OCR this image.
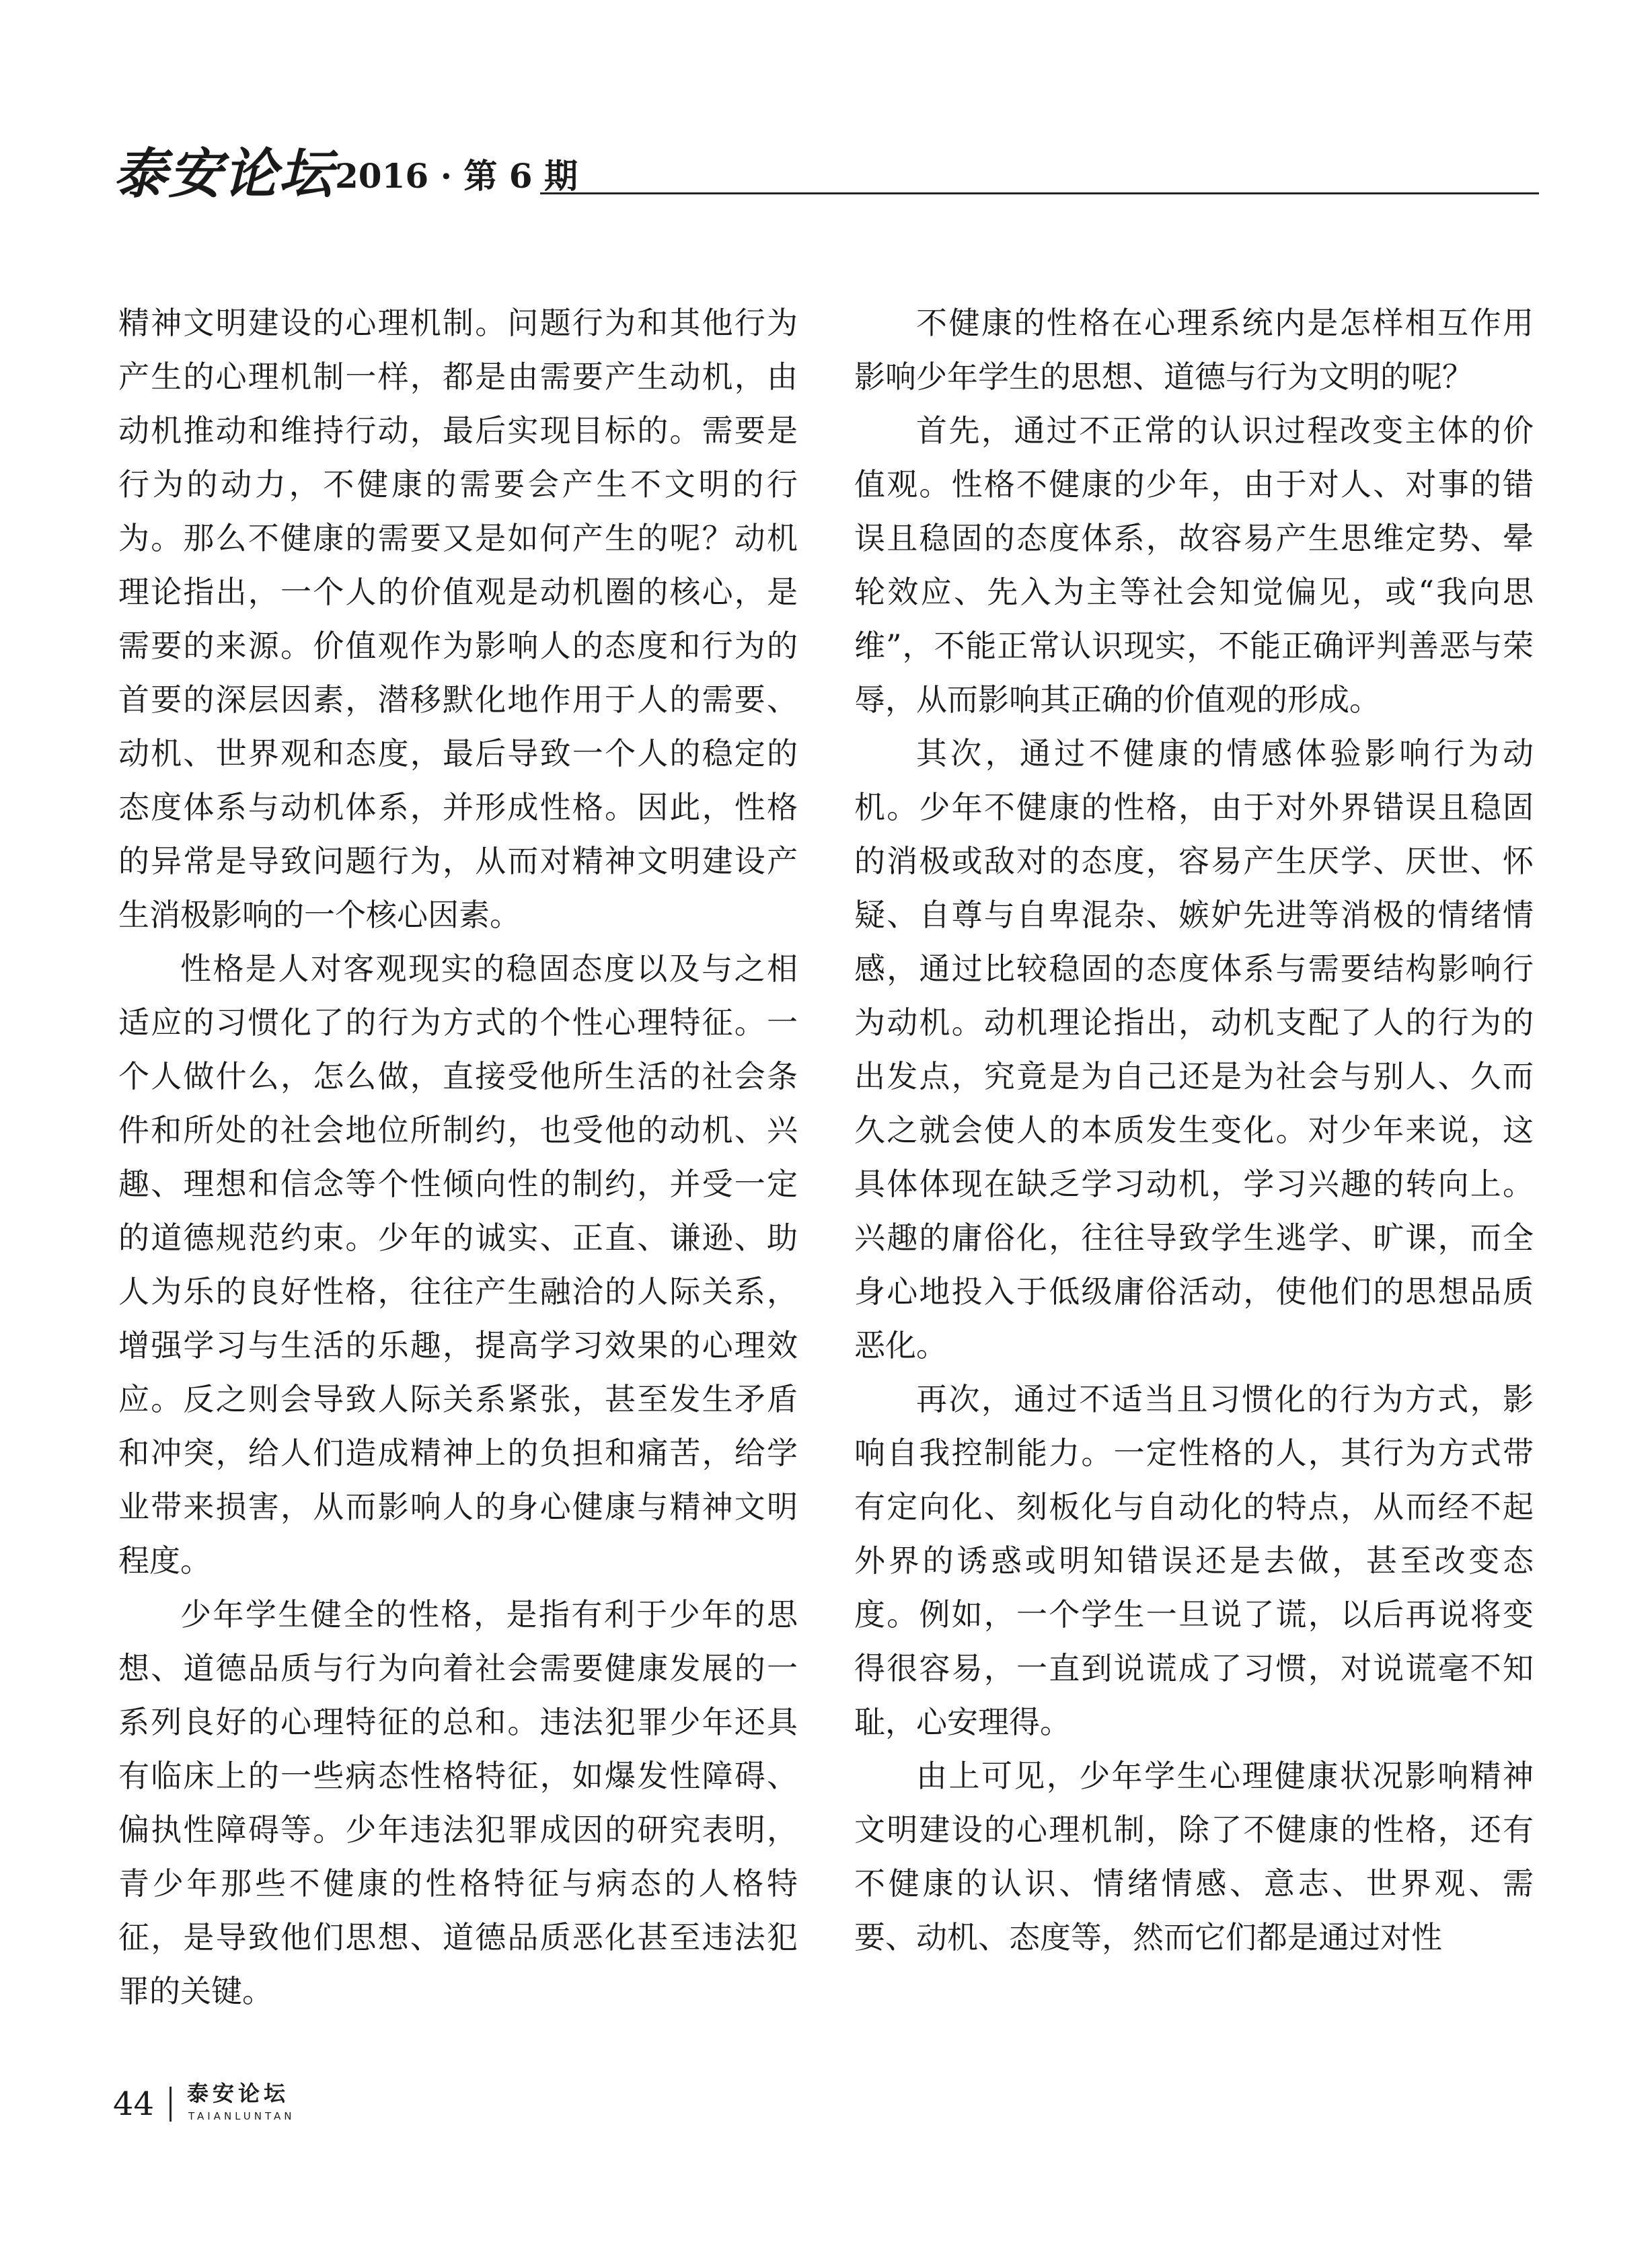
泰安论坛 2016 · 第 6 期

精神文明建设的心理机制。问题行为和其他行为产生的心理机制一样，都是由需要产生动机，由动机推动和维持行动，最后实现目标的。需要是行为的动力，不健康的需要会产生不文明的行为。那么不健康的需要又是如何产生的呢？动机理论指出，一个人的价值观是动机圈的核心，是需要的来源。价值观作为影响人的态度和行为的首要的深层因素，潜移默化地作用于人的需要、动机、世界观和态度，最后导致一个人的稳定的态度体系与动机体系，并形成性格。因此，性格的异常是导致问题行为，从而对精神文明建设产生消极影响的一个核心因素。

性格是人对客观现实的稳固态度以及与之相适应的习惯化了的行为方式的个性心理特征。一个人做什么，怎么做，直接受他所生活的社会条件和所处的社会地位所制约，也受他的动机、兴趣、理想和信念等个性倾向性的制约，并受一定的道德规范约束。少年的诚实、正直、谦逊、助人为乐的良好性格，往往产生融洽的人际关系，增强学习与生活的乐趣，提高学习效果的心理效应。反之则会导致人际关系紧张，甚至发生矛盾和冲突，给人们造成精神上的负担和痛苦，给学业带来损害，从而影响人的身心健康与精神文明程度。

少年学生健全的性格，是指有利于少年的思想、道德品质与行为向着社会需要健康发展的一系列良好的心理特征的总和。违法犯罪少年还具有临床上的一些病态性格特征，如爆发性障碍、偏执性障碍等。少年违法犯罪成因的研究表明，青少年那些不健康的性格特征与病态的人格特征，是导致他们思想、道德品质恶化甚至违法犯罪的关键。

不健康的性格在心理系统内是怎样相互作用影响少年学生的思想、道德与行为文明的呢？

首先，通过不正常的认识过程改变主体的价值观。性格不健康的少年，由于对人、对事的错误且稳固的态度体系，故容易产生思维定势、晕轮效应、先入为主等社会知觉偏见，或“我向思维”，不能正常认识现实，不能正确评判善恶与荣辱，从而影响其正确的价值观的形成。

其次，通过不健康的情感体验影响行为动机。少年不健康的性格，由于对外界错误且稳固的消极或敌对的态度，容易产生厌学、厌世、怀疑、自尊与自卑混杂、嫉妒先进等消极的情绪情感，通过比较稳固的态度体系与需要结构影响行为动机。动机理论指出，动机支配了人的行为的出发点，究竟是为自己还是为社会与别人、久而久之就会使人的本质发生变化。对少年来说，这具体体现在缺乏学习动机，学习兴趣的转向上。兴趣的庸俗化，往往导致学生逃学、旷课，而全身心地投入于低级庸俗活动，使他们的思想品质恶化。

再次，通过不适当且习惯化的行为方式，影响自我控制能力。一定性格的人，其行为方式带有定向化、刻板化与自动化的特点，从而经不起外界的诱惑或明知错误还是去做，甚至改变态度。例如，一个学生一旦说了谎，以后再说将变得很容易，一直到说谎成了习惯，对说谎毫不知耻，心安理得。

由上可见，少年学生心理健康状况影响精神文明建设的心理机制，除了不健康的性格，还有不健康的认识、情绪情感、意志、世界观、需要、动机、态度等，然而它们都是通过对性

44 泰安论坛
TAIANLUNTAN
